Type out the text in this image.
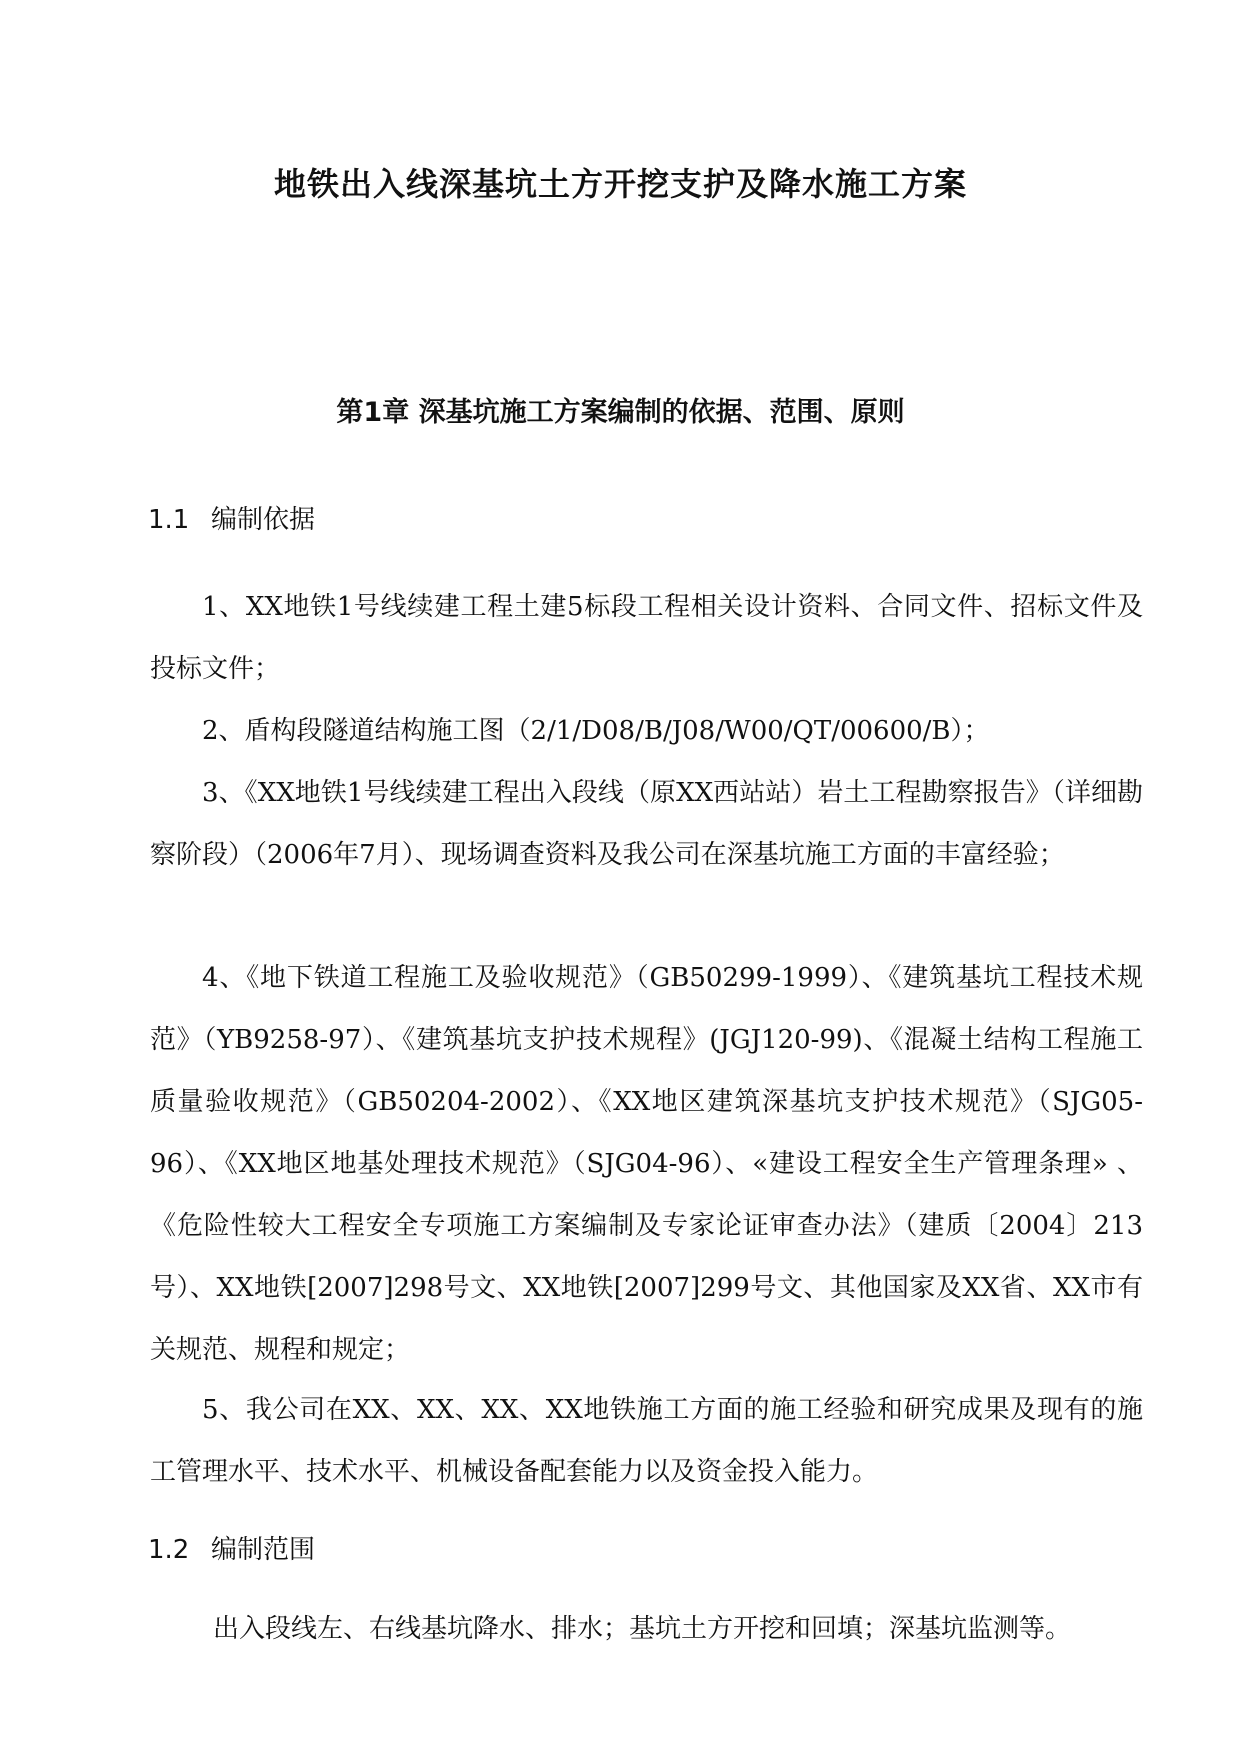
地铁出入线深基坑土方开挖支护及降水施工方案
第1章 深基坑施工方案编制的依据、范围、原则
1.1 编制依据
1、XX地铁1号线续建工程土建5标段工程相关设计资料、合同文件、招标文件及投标文件；
2、盾构段隧道结构施工图（2/1/D08/B/J08/W00/QT/00600/B）；
3、《XX地铁1号线续建工程出入段线（原XX西站站）岩土工程勘察报告》（详细勘察阶段）（2006年7月）、现场调查资料及我公司在深基坑施工方面的丰富经验；
4、《地下铁道工程施工及验收规范》（GB50299-1999）、《建筑基坑工程技术规范》（YB9258-97）、《建筑基坑支护技术规程》(JGJ120-99)、《混凝土结构工程施工质量验收规范》（GB50204-2002）、《XX地区建筑深基坑支护技术规范》（SJG05-96）、《XX地区地基处理技术规范》（SJG04-96）、«建设工程安全生产管理条理» 、《危险性较大工程安全专项施工方案编制及专家论证审查办法》（建质〔2004〕213号）、XX地铁[2007]298号文、XX地铁[2007]299号文、其他国家及XX省、XX市有关规范、规程和规定；
5、我公司在XX、XX、XX、XX地铁施工方面的施工经验和研究成果及现有的施工管理水平、技术水平、机械设备配套能力以及资金投入能力。
1.2 编制范围
出入段线左、右线基坑降水、排水；基坑土方开挖和回填；深基坑监测等。
